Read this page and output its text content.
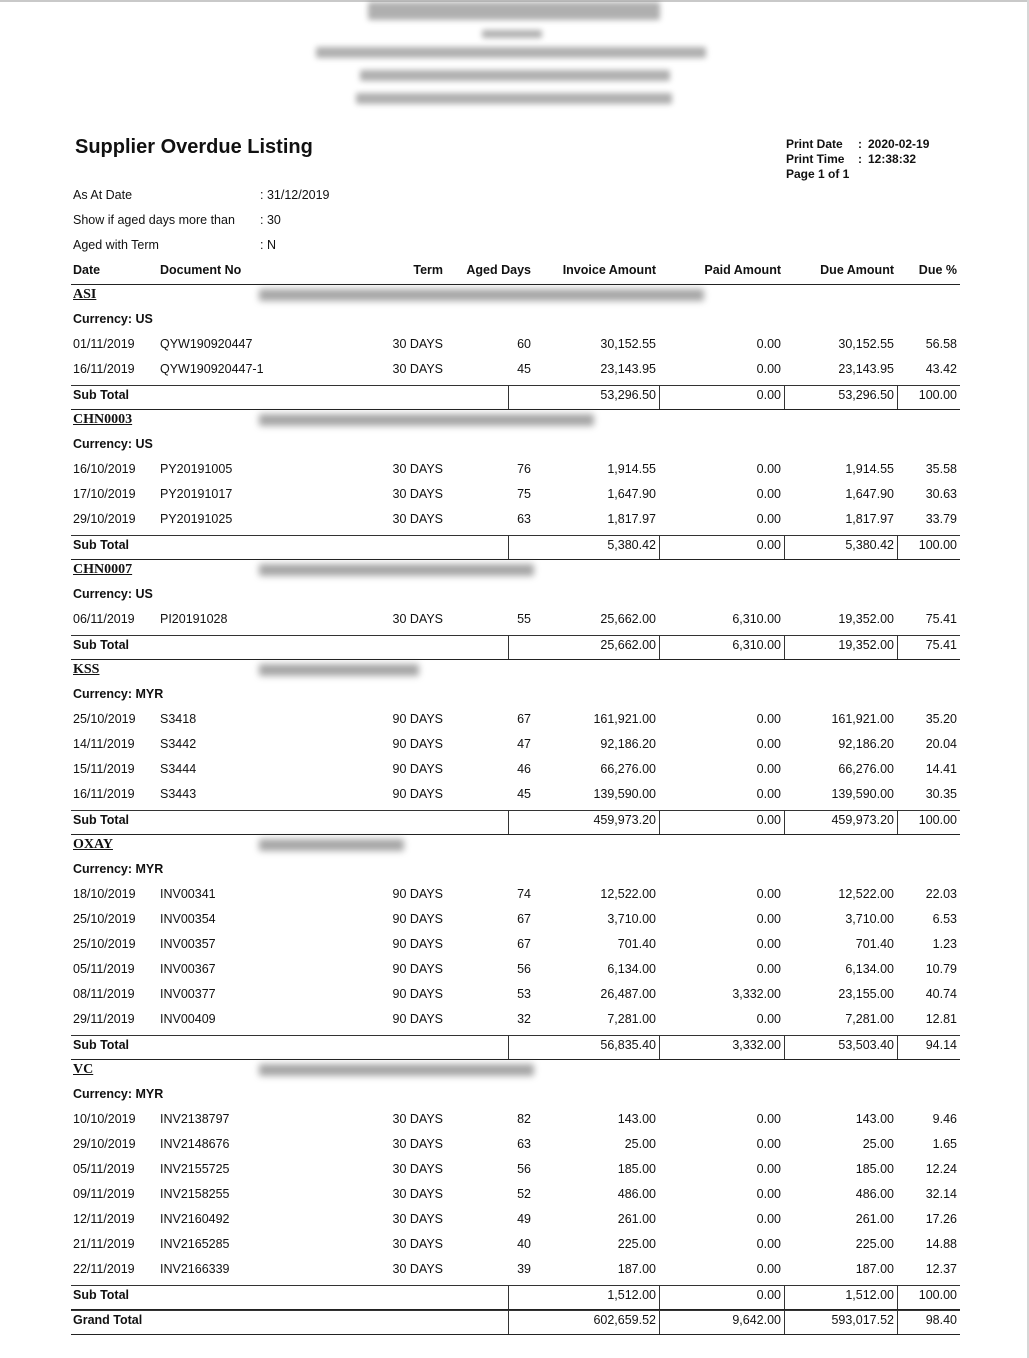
Supplier Overdue Listing	Print Date	: 2020-02-19
Print Time	: 12:38:32
Page 1 of 1
As At Date	: 31/12/2019
Show if aged days more than	: 30
Aged with Term	: N
Date	Document No	Term Aged Days	Invoice Amount	Paid Amount	Due Amount Due %
ASI
Currency: US
01/11/2019 QYW190920447	30 DAYS	60	30,152.55	0.00	30,152.55	56.58
16/11/2019 QYW190920447-1	30 DAYS	45	23,143.95	0.00	23,143.95	43.42
Sub Total	53,296.50	0.00	53,296.50 100.00
CHN0003
Currency: US
16/10/2019 PY20191005	30 DAYS	76	1,914.55	0.00	1,914.55	35.58
17/10/2019 PY20191017	30 DAYS	75	1,647.90	0.00	1,647.90	30.63
29/10/2019 PY20191025	30 DAYS	63	1,817.97	0.00	1,817.97	33.79
Sub Total	5,380.42	0.00	5,380.42 100.00
CHN0007
Currency: US
06/11/2019 PI20191028	30 DAYS	55	25,662.00	6,310.00	19,352.00	75.41
Sub Total	25,662.00	6,310.00	19,352.00	75.41
KSS
Currency: MYR
25/10/2019 S3418	90 DAYS	67	161,921.00	0.00	161,921.00	35.20
14/11/2019 S3442	90 DAYS	47	92,186.20	0.00	92,186.20	20.04
15/11/2019 S3444	90 DAYS	46	66,276.00	0.00	66,276.00	14.41
16/11/2019 S3443	90 DAYS	45	139,590.00	0.00	139,590.00	30.35
Sub Total	459,973.20	0.00	459,973.20 100.00
OXAY
Currency: MYR
18/10/2019 INV00341	90 DAYS	74	12,522.00	0.00	12,522.00	22.03
25/10/2019 INV00354	90 DAYS	67	3,710.00	0.00	3,710.00	6.53
25/10/2019 INV00357	90 DAYS	67	701.40	0.00	701.40	1.23
05/11/2019 INV00367	90 DAYS	56	6,134.00	0.00	6,134.00	10.79
08/11/2019 INV00377	90 DAYS	53	26,487.00	3,332.00	23,155.00	40.74
29/11/2019 INV00409	90 DAYS	32	7,281.00	0.00	7,281.00	12.81
Sub Total	56,835.40	3,332.00	53,503.40	94.14
VC
Currency: MYR
10/10/2019 INV2138797	30 DAYS	82	143.00	0.00	143.00	9.46
29/10/2019 INV2148676	30 DAYS	63	25.00	0.00	25.00	1.65
05/11/2019 INV2155725	30 DAYS	56	185.00	0.00	185.00	12.24
09/11/2019 INV2158255	30 DAYS	52	486.00	0.00	486.00	32.14
12/11/2019 INV2160492	30 DAYS	49	261.00	0.00	261.00	17.26
21/11/2019 INV2165285	30 DAYS	40	225.00	0.00	225.00	14.88
22/11/2019 INV2166339	30 DAYS	39	187.00	0.00	187.00	12.37
Sub Total	1,512.00	0.00	1,512.00 100.00
Grand Total	602,659.52	9,642.00	593,017.52	98.40
